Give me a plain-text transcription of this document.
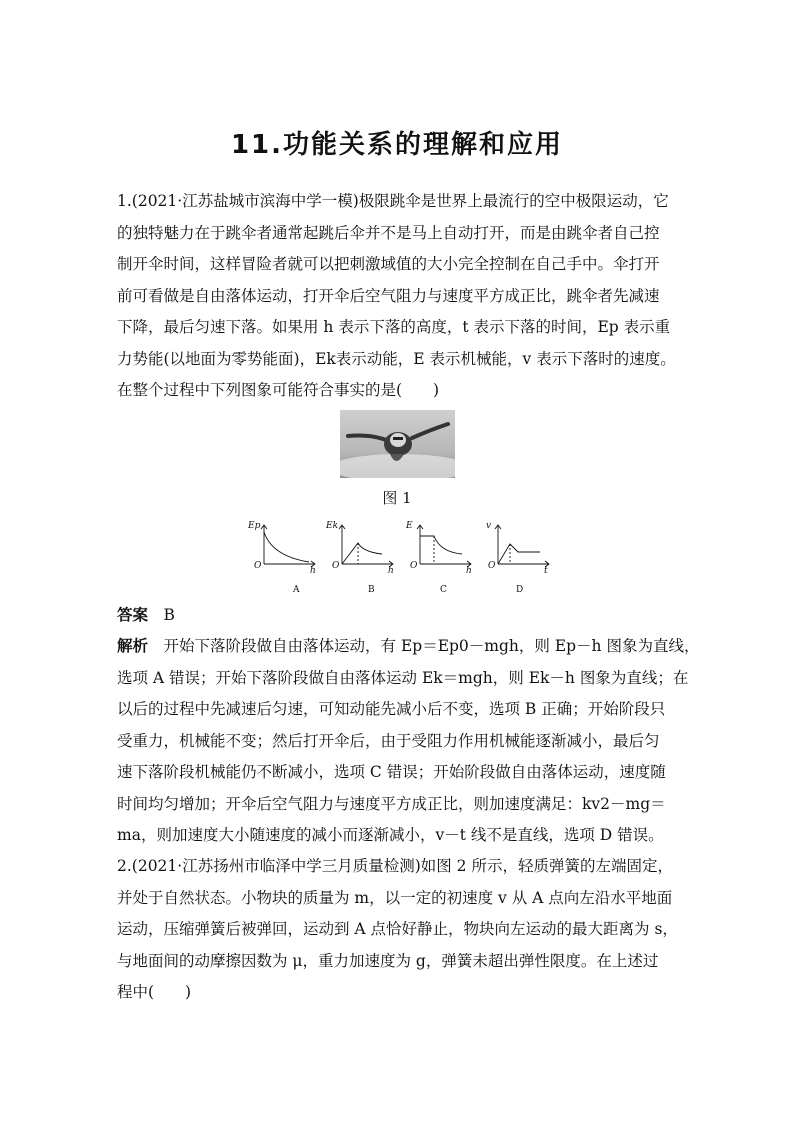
11.功能关系的理解和应用
1.(2021·江苏盐城市滨海中学一模)极限跳伞是世界上最流行的空中极限运动，它
的独特魅力在于跳伞者通常起跳后伞并不是马上自动打开，而是由跳伞者自己控
制开伞时间，这样冒险者就可以把刺激域值的大小完全控制在自己手中。伞打开
前可看做是自由落体运动，打开伞后空气阻力与速度平方成正比，跳伞者先减速
下降，最后匀速下落。如果用 h 表示下落的高度，t 表示下落的时间，Ep 表示重
力势能(以地面为零势能面)，Ek表示动能，E 表示机械能，v 表示下落时的速度。
在整个过程中下列图象可能符合事实的是(　　)
图 1
Ep
O	h
A
Ek
O	h
B
E
O	h
C
v
O	t
D
答案　 B
解析　 开始下落阶段做自由落体运动，有 Ep＝Ep0－mgh，则 Ep－h 图象为直线，
选项 A 错误；开始下落阶段做自由落体运动 Ek＝mgh，则 Ek－h 图象为直线；在
以后的过程中先减速后匀速，可知动能先减小后不变，选项 B 正确；开始阶段只
受重力，机械能不变；然后打开伞后，由于受阻力作用机械能逐渐减小，最后匀
速下落阶段机械能仍不断减小，选项 C 错误；开始阶段做自由落体运动，速度随
时间均匀增加；开伞后空气阻力与速度平方成正比，则加速度满足：kv2－mg＝
ma，则加速度大小随速度的减小而逐渐减小，v－t 线不是直线，选项 D 错误。
2.(2021·江苏扬州市临泽中学三月质量检测)如图 2 所示，轻质弹簧的左端固定，
并处于自然状态。小物块的质量为 m，以一定的初速度 v 从 A 点向左沿水平地面
运动，压缩弹簧后被弹回，运动到 A 点恰好静止，物块向左运动的最大距离为 s，
与地面间的动摩擦因数为 μ，重力加速度为 g，弹簧未超出弹性限度。在上述过
程中(　　)
